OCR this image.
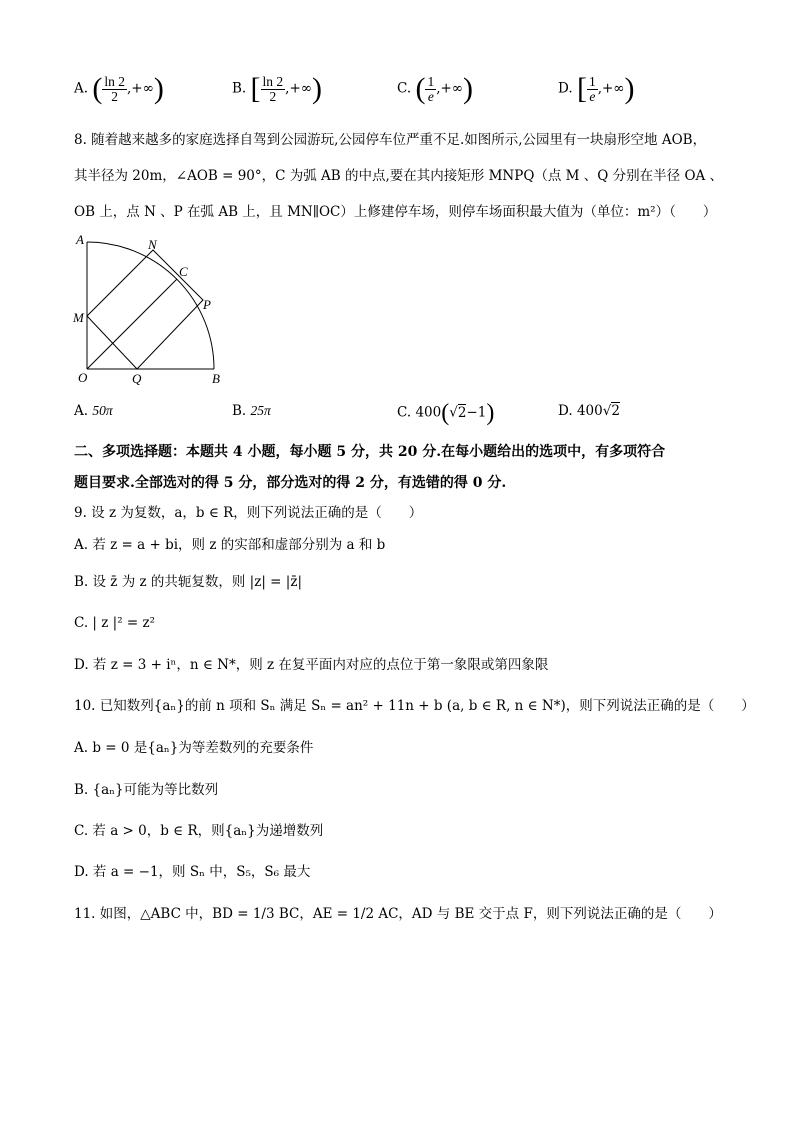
A. ( $\frac{\ln 2}{2}$ ,+∞)	B. [ $\frac{\ln 2}{2}$ ,+∞)	C. ( $\frac{1}{e}$ ,+∞)	D. [ $\frac{1}{e}$ ,+∞)
8. 随着越来越多的家庭选择自驾到公园游玩,公园停车位严重不足.如图所示,公园里有一块扇形空地 AOB，
其半径为 20m，∠AOB = 90°，C 为弧 AB 的中点,要在其内接矩形 MNPQ（点 M 、Q 分别在半径 OA 、
OB 上，点 N 、P 在弧 AB 上，且 MN∥OC）上修建停车场，则停车场面积最大值为（单位：m²）（　　）
A	N
C
P
M
O	Q	B
A. 50π	B. 25π	C. 400(√2−1)	D. 400√2
二、多项选择题：本题共 4 小题，每小题 5 分，共 20 分.在每小题给出的选项中，有多项符合
题目要求.全部选对的得 5 分，部分选对的得 2 分，有选错的得 0 分.
9. 设 z 为复数，a，b ∈ R，则下列说法正确的是（　　）
A. 若 z = a + bi，则 z 的实部和虚部分别为 a 和 b
B. 设 z̄ 为 z 的共轭复数，则 |z| = |z̄|
C. | z |² = z²
D. 若 z = 3 + iⁿ，n ∈ N*，则 z 在复平面内对应的点位于第一象限或第四象限
10. 已知数列{aₙ}的前 n 项和 Sₙ 满足 Sₙ = an² + 11n + b (a, b ∈ R, n ∈ N*)，则下列说法正确的是（　　）
A. b = 0 是{aₙ}为等差数列的充要条件
B. {aₙ}可能为等比数列
C. 若 a > 0，b ∈ R，则{aₙ}为递增数列
D. 若 a = −1，则 Sₙ 中，S₅，S₆ 最大
11. 如图，△ABC 中，BD = 1/3 BC，AE = 1/2 AC，AD 与 BE 交于点 F，则下列说法正确的是（　　）
